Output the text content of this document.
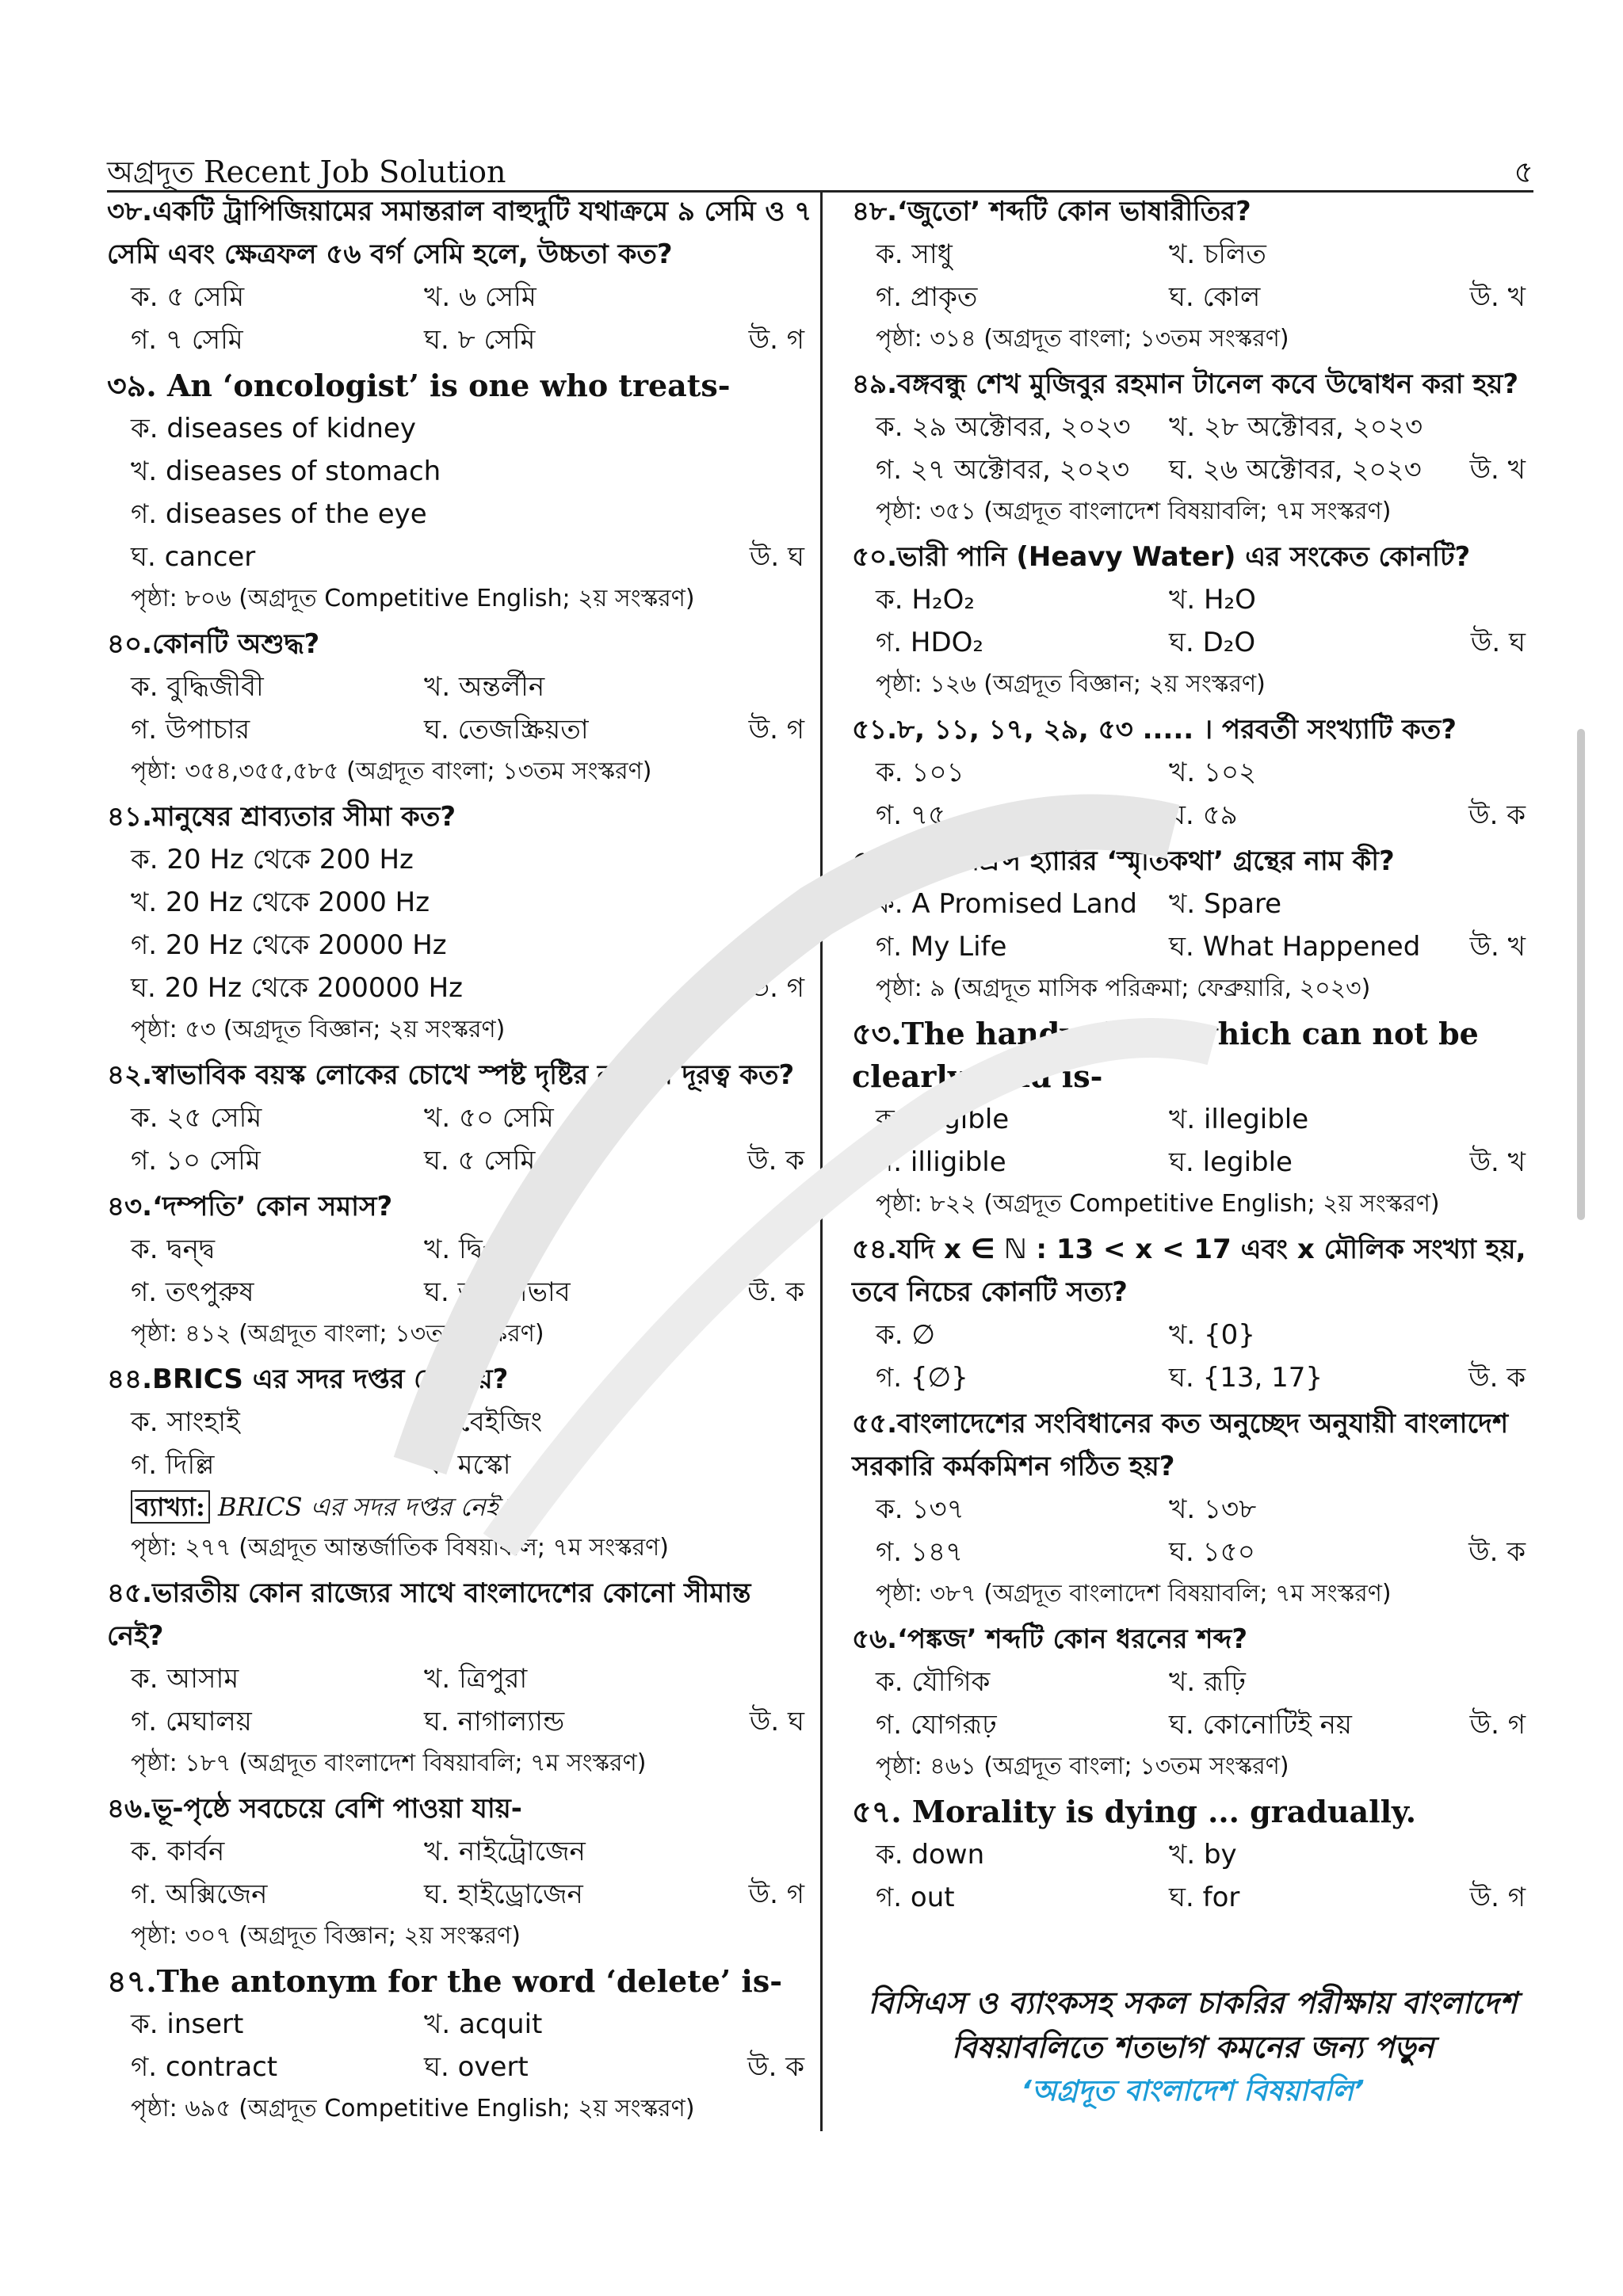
অগ্রদূত Recent Job Solution	৫
৩৮.একটি ট্রাপিজিয়ামের সমান্তরাল বাহুদুটি যথাক্রমে ৯ সেমি ও ৭ সেমি এবং ক্ষেত্রফল ৫৬ বর্গ সেমি হলে, উচ্চতা কত?
ক. ৫ সেমি	খ. ৬ সেমি
গ. ৭ সেমি	ঘ. ৮ সেমি	উ. গ
৩৯. An ‘oncologist’ is one who treats-
ক. diseases of kidney
খ. diseases of stomach
গ. diseases of the eye
ঘ. cancer	উ. ঘ
পৃষ্ঠা: ৮০৬ (অগ্রদূত Competitive English; ২য় সংস্করণ)
৪০.কোনটি অশুদ্ধ?
ক. বুদ্ধিজীবী	খ. অন্তর্লীন
গ. উপাচার	ঘ. তেজস্ক্রিয়তা	উ. গ
পৃষ্ঠা: ৩৫৪,৩৫৫,৫৮৫ (অগ্রদূত বাংলা; ১৩তম সংস্করণ)
৪১.মানুষের শ্রাব্যতার সীমা কত?
ক. 20 Hz থেকে 200 Hz
খ. 20 Hz থেকে 2000 Hz
গ. 20 Hz থেকে 20000 Hz
ঘ. 20 Hz থেকে 200000 Hz	উ. গ
পৃষ্ঠা: ৫৩ (অগ্রদূত বিজ্ঞান; ২য় সংস্করণ)
৪২.স্বাভাবিক বয়স্ক লোকের চোখে স্পষ্ট দৃষ্টির ন্যূনতম দূরত্ব কত?
ক. ২৫ সেমি	খ. ৫০ সেমি
গ. ১০ সেমি	ঘ. ৫ সেমি	উ. ক
৪৩.‘দম্পতি’ কোন সমাস?
ক. দ্বন্দ্ব	খ. দ্বিগু
গ. তৎপুরুষ	ঘ. অব্যয়ীভাব	উ. ক
পৃষ্ঠা: ৪১২ (অগ্রদূত বাংলা; ১৩তম সংস্করণ)
৪৪.BRICS এর সদর দপ্তর কোথায়?
ক. সাংহাই	খ. বেইজিং
গ. দিল্লি	ঘ. মস্কো
ব্যাখ্যা: BRICS এর সদর দপ্তর নেই।
পৃষ্ঠা: ২৭৭ (অগ্রদূত আন্তর্জাতিক বিষয়াবলি; ৭ম সংস্করণ)
৪৫.ভারতীয় কোন রাজ্যের সাথে বাংলাদেশের কোনো সীমান্ত নেই?
ক. আসাম	খ. ত্রিপুরা
গ. মেঘালয়	ঘ. নাগাল্যান্ড	উ. ঘ
পৃষ্ঠা: ১৮৭ (অগ্রদূত বাংলাদেশ বিষয়াবলি; ৭ম সংস্করণ)
৪৬.ভূ-পৃষ্ঠে সবচেয়ে বেশি পাওয়া যায়-
ক. কার্বন	খ. নাইট্রোজেন
গ. অক্সিজেন	ঘ. হাইড্রোজেন	উ. গ
পৃষ্ঠা: ৩০৭ (অগ্রদূত বিজ্ঞান; ২য় সংস্করণ)
৪৭.The antonym for the word ‘delete’ is-
ক. insert	খ. acquit
গ. contract	ঘ. overt	উ. ক
পৃষ্ঠা: ৬৯৫ (অগ্রদূত Competitive English; ২য় সংস্করণ)
৪৮.‘জুতো’ শব্দটি কোন ভাষারীতির?
ক. সাধু	খ. চলিত
গ. প্রাকৃত	ঘ. কোল	উ. খ
পৃষ্ঠা: ৩১৪ (অগ্রদূত বাংলা; ১৩তম সংস্করণ)
৪৯.বঙ্গবন্ধু শেখ মুজিবুর রহমান টানেল কবে উদ্বোধন করা হয়?
ক. ২৯ অক্টোবর, ২০২৩	খ. ২৮ অক্টোবর, ২০২৩
গ. ২৭ অক্টোবর, ২০২৩	ঘ. ২৬ অক্টোবর, ২০২৩	উ. খ
পৃষ্ঠা: ৩৫১ (অগ্রদূত বাংলাদেশ বিষয়াবলি; ৭ম সংস্করণ)
৫০.ভারী পানি (Heavy Water) এর সংকেত কোনটি?
ক. H₂O₂	খ. H₂O
গ. HDO₂	ঘ. D₂O	উ. ঘ
পৃষ্ঠা: ১২৬ (অগ্রদূত বিজ্ঞান; ২য় সংস্করণ)
৫১.৮, ১১, ১৭, ২৯, ৫৩ ..... । পরবর্তী সংখ্যাটি কত?
ক. ১০১	খ. ১০২
গ. ৭৫	ঘ. ৫৯	উ. ক
৫২.ব্রিটিশ প্রিন্স হ্যারির ‘স্মৃতিকথা’ গ্রন্থের নাম কী?
ক. A Promised Land	খ. Spare
গ. My Life	ঘ. What Happened	উ. খ
পৃষ্ঠা: ৯ (অগ্রদূত মাসিক পরিক্রমা; ফেব্রুয়ারি, ২০২৩)
৫৩.The handwriting which can not be clearly read is-
ক. eligible	খ. illegible
গ. illigible	ঘ. legible	উ. খ
পৃষ্ঠা: ৮২২ (অগ্রদূত Competitive English; ২য় সংস্করণ)
৫৪.যদি x ∈ ℕ : 13 < x < 17 এবং x মৌলিক সংখ্যা হয়, তবে নিচের কোনটি সত্য?
ক. ∅	খ. {0}
গ. {∅}	ঘ. {13, 17}	উ. ক
৫৫.বাংলাদেশের সংবিধানের কত অনুচ্ছেদ অনুযায়ী বাংলাদেশ সরকারি কর্মকমিশন গঠিত হয়?
ক. ১৩৭	খ. ১৩৮
গ. ১৪৭	ঘ. ১৫০	উ. ক
পৃষ্ঠা: ৩৮৭ (অগ্রদূত বাংলাদেশ বিষয়াবলি; ৭ম সংস্করণ)
৫৬.‘পঙ্কজ’ শব্দটি কোন ধরনের শব্দ?
ক. যৌগিক	খ. রূঢ়ি
গ. যোগরূঢ়	ঘ. কোনোটিই নয়	উ. গ
পৃষ্ঠা: ৪৬১ (অগ্রদূত বাংলা; ১৩তম সংস্করণ)
৫৭. Morality is dying ... gradually.
ক. down	খ. by
গ. out	ঘ. for	উ. গ
বিসিএস ও ব্যাংকসহ সকল চাকরির পরীক্ষায় বাংলাদেশ
বিষয়াবলিতে শতভাগ কমনের জন্য পড়ুন
‘অগ্রদূত বাংলাদেশ বিষয়াবলি’
